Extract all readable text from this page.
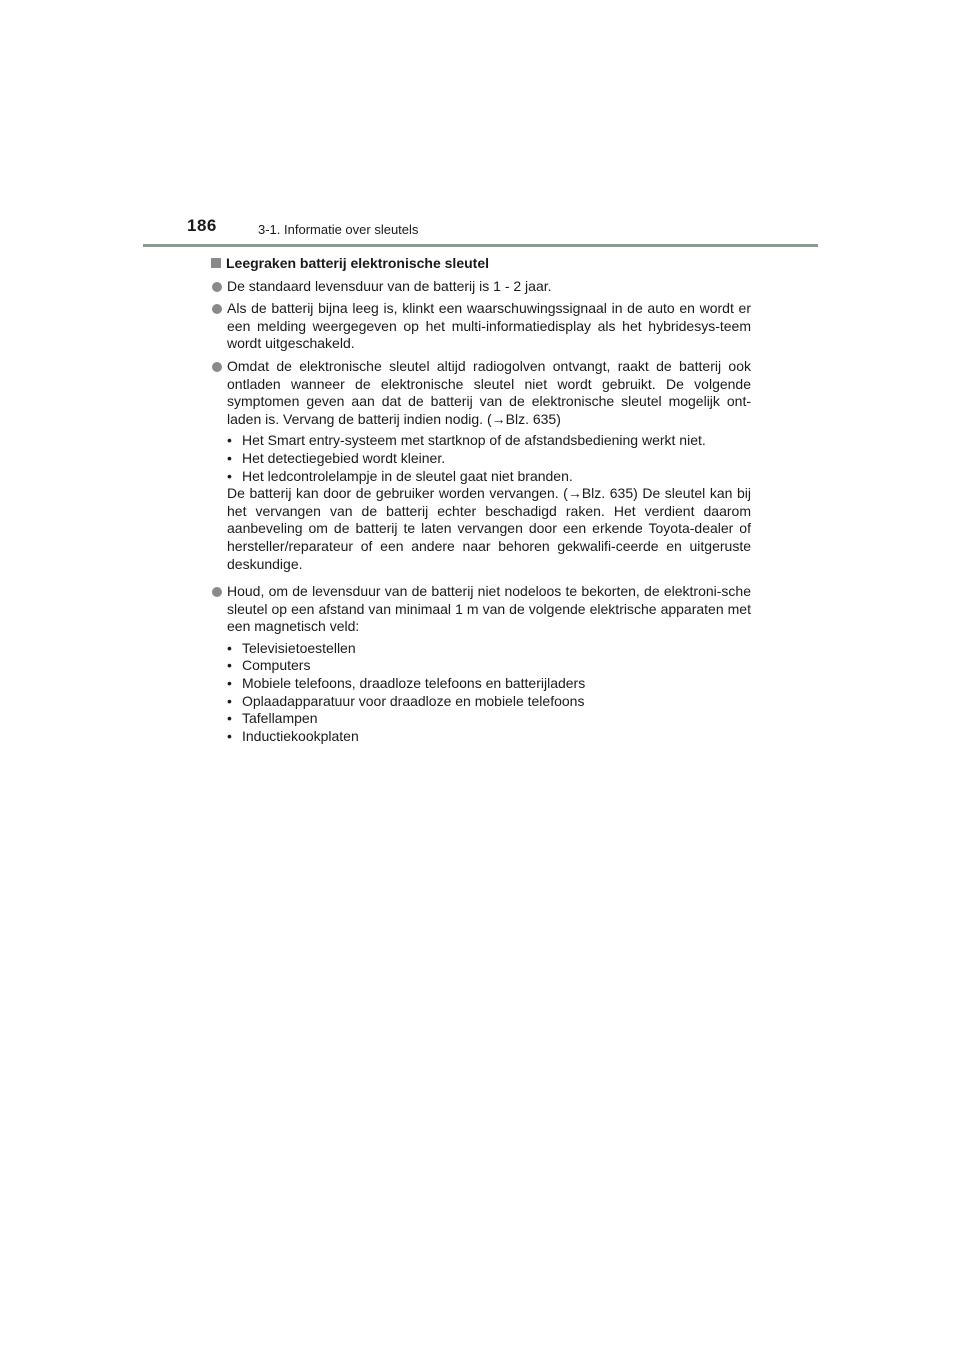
186	3-1. Informatie over sleutels
Leegraken batterij elektronische sleutel
De standaard levensduur van de batterij is 1 - 2 jaar.
Als de batterij bijna leeg is, klinkt een waarschuwingssignaal in de auto en wordt er een melding weergegeven op het multi-informatiedisplay als het hybridesys-teem wordt uitgeschakeld.
Omdat de elektronische sleutel altijd radiogolven ontvangt, raakt de batterij ook ontladen wanneer de elektronische sleutel niet wordt gebruikt. De volgende symptomen geven aan dat de batterij van de elektronische sleutel mogelijk ont-laden is. Vervang de batterij indien nodig. (→Blz. 635)
• Het Smart entry-systeem met startknop of de afstandsbediening werkt niet.
• Het detectiegebied wordt kleiner.
• Het ledcontrolelampje in de sleutel gaat niet branden.
De batterij kan door de gebruiker worden vervangen. (→Blz. 635) De sleutel kan bij het vervangen van de batterij echter beschadigd raken. Het verdient daarom aanbeveling om de batterij te laten vervangen door een erkende Toyota-dealer of hersteller/reparateur of een andere naar behoren gekwalifi-ceerde en uitgeruste deskundige.
Houd, om de levensduur van de batterij niet nodeloos te bekorten, de elektroni-sche sleutel op een afstand van minimaal 1 m van de volgende elektrische apparaten met een magnetisch veld:
• Televisietoestellen
• Computers
• Mobiele telefoons, draadloze telefoons en batterijladers
• Oplaadapparatuur voor draadloze en mobiele telefoons
• Tafellampen
• Inductiekookplaten
